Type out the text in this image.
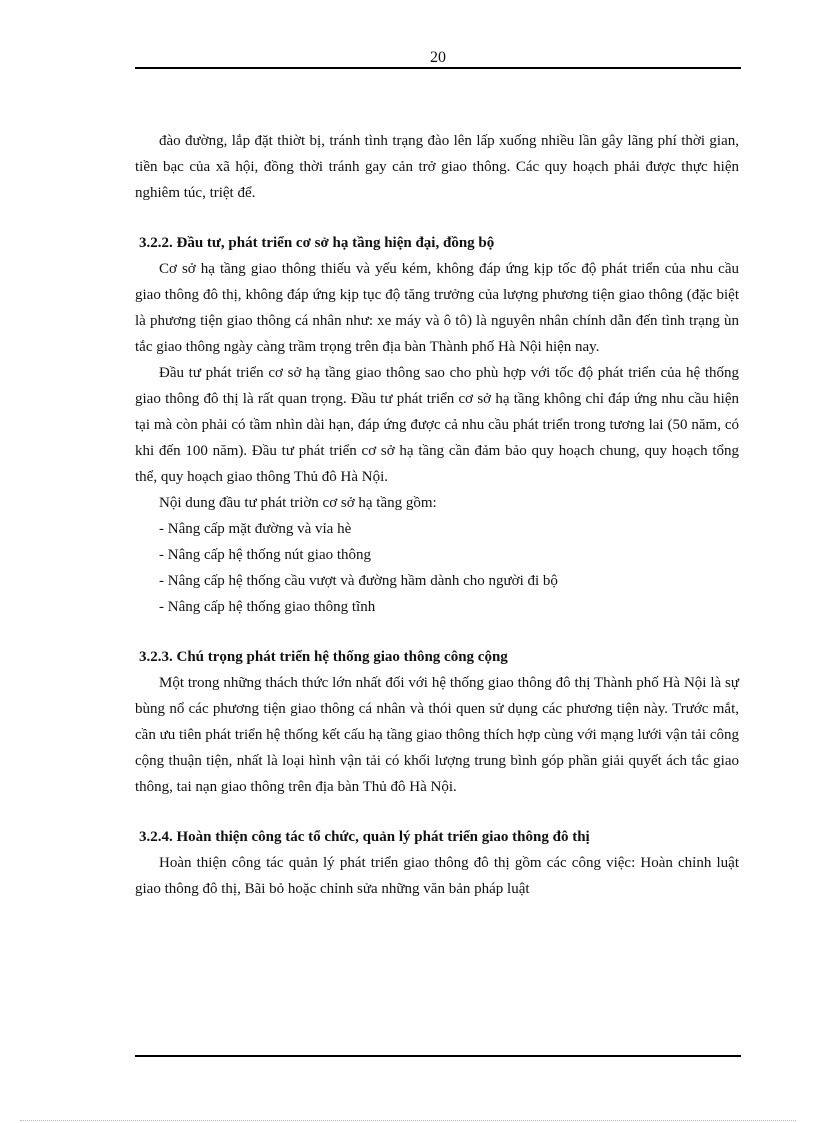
20

đào đường, lắp đặt thiờt bị, tránh tình trạng đào lên lấp xuống nhiều lần gây lãng phí thời gian, tiền bạc của xã hội, đồng thời tránh gay cản trở giao thông. Các quy hoạch phải được thực hiện nghiêm túc, triệt để.

3.2.2. Đầu tư, phát triển cơ sở hạ tầng hiện đại, đồng bộ

Cơ sở hạ tầng giao thông thiếu và yếu kém, không đáp ứng kịp tốc độ phát triển của nhu cầu giao thông đô thị, không đáp ứng kịp tục độ tăng trưởng của lượng phương tiện giao thông (đặc biệt là phương tiện giao thông cá nhân như: xe máy và ô tô) là nguyên nhân chính dẫn đến tình trạng ùn tắc giao thông ngày càng trầm trọng trên địa bàn Thành phố Hà Nội hiện nay.

Đầu tư phát triển cơ sở hạ tầng giao thông sao cho phù hợp với tốc độ phát triển của hệ thống giao thông đô thị là rất quan trọng. Đầu tư phát triển cơ sở hạ tầng không chỉ đáp ứng nhu cầu hiện tại mà còn phải có tầm nhìn dài hạn, đáp ứng được cả nhu cầu phát triển trong tương lai (50 năm, có khi đến 100 năm). Đầu tư phát triển cơ sở hạ tầng cần đảm bảo quy hoạch chung, quy hoạch tổng thể, quy hoạch giao thông Thủ đô Hà Nội.

Nội dung đầu tư phát triờn cơ sở hạ tầng gồm:

- Nâng cấp mặt đường và vỉa hè

- Nâng cấp hệ thống nút giao thông

- Nâng cấp hệ thống cầu vượt và đường hầm dành cho người đi bộ

- Nâng cấp hệ thống giao thông tĩnh

3.2.3. Chú trọng phát triển hệ thống giao thông công cộng

Một trong những thách thức lớn nhất đối với hệ thống giao thông đô thị Thành phố Hà Nội là sự bùng nổ các phương tiện giao thông cá nhân và thói quen sử dụng các phương tiện này. Trước mắt, cần ưu tiên phát triển hệ thống kết cấu hạ tầng giao thông thích hợp cùng với mạng lưới vận tải công cộng thuận tiện, nhất là loại hình vận tải có khối lượng trung bình góp phần giải quyết ách tắc giao thông, tai nạn giao thông trên địa bàn Thủ đô Hà Nội.

3.2.4. Hoàn thiện công tác tổ chức, quản lý phát triển giao thông đô thị

Hoàn thiện công tác quản lý phát triển giao thông đô thị gồm các công việc: Hoàn chỉnh luật giao thông đô thị, Bãi bỏ hoặc chỉnh sửa những văn bản pháp luật
